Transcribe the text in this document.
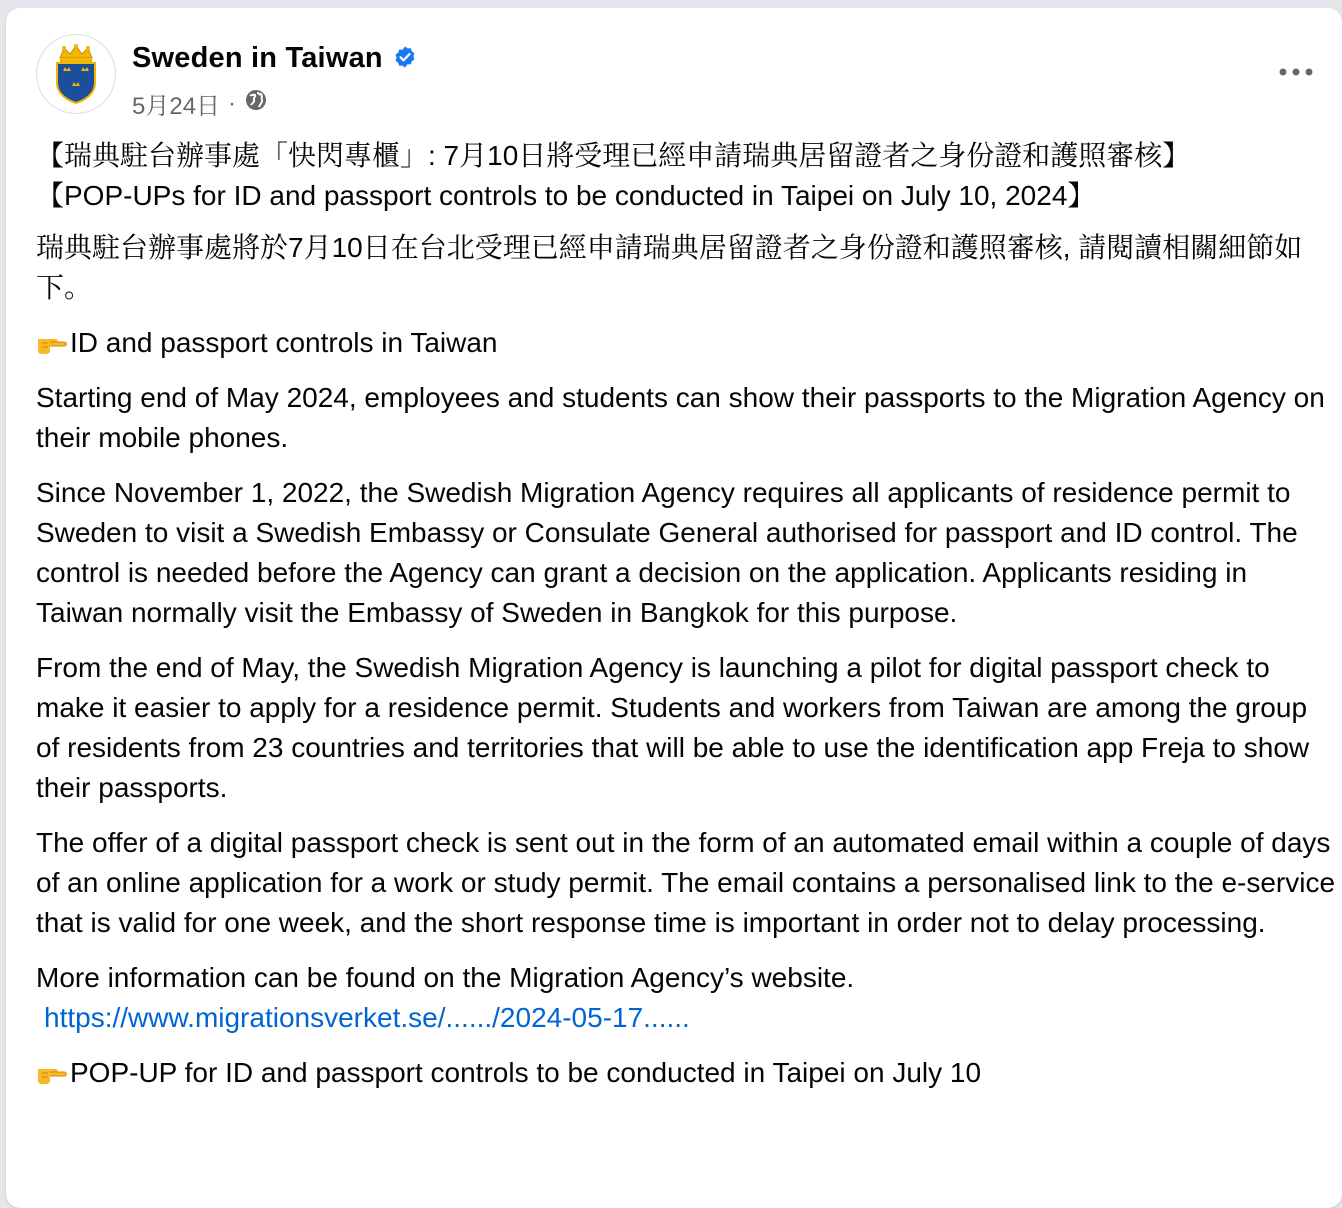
Sweden in Taiwan
5月24日 ·

【瑞典駐台辦事處「快閃專櫃」: 7月10日將受理已經申請瑞典居留證者之身份證和護照審核】
【POP-UPs for ID and passport controls to be conducted in Taipei on July 10, 2024】

瑞典駐台辦事處將於7月10日在台北受理已經申請瑞典居留證者之身份證和護照審核, 請閱讀相關細節如下。

ID and passport controls in Taiwan

Starting end of May 2024, employees and students can show their passports to the Migration Agency on their mobile phones.

Since November 1, 2022, the Swedish Migration Agency requires all applicants of residence permit to Sweden to visit a Swedish Embassy or Consulate General authorised for passport and ID control. The control is needed before the Agency can grant a decision on the application. Applicants residing in Taiwan normally visit the Embassy of Sweden in Bangkok for this purpose.

From the end of May, the Swedish Migration Agency is launching a pilot for digital passport check to make it easier to apply for a residence permit. Students and workers from Taiwan are among the group of residents from 23 countries and territories that will be able to use the identification app Freja to show their passports.

The offer of a digital passport check is sent out in the form of an automated email within a couple of days of an online application for a work or study permit. The email contains a personalised link to the e-service that is valid for one week, and the short response time is important in order not to delay processing.

More information can be found on the Migration Agency’s website.
https://www.migrationsverket.se/....../2024-05-17......

POP-UP for ID and passport controls to be conducted in Taipei on July 10
